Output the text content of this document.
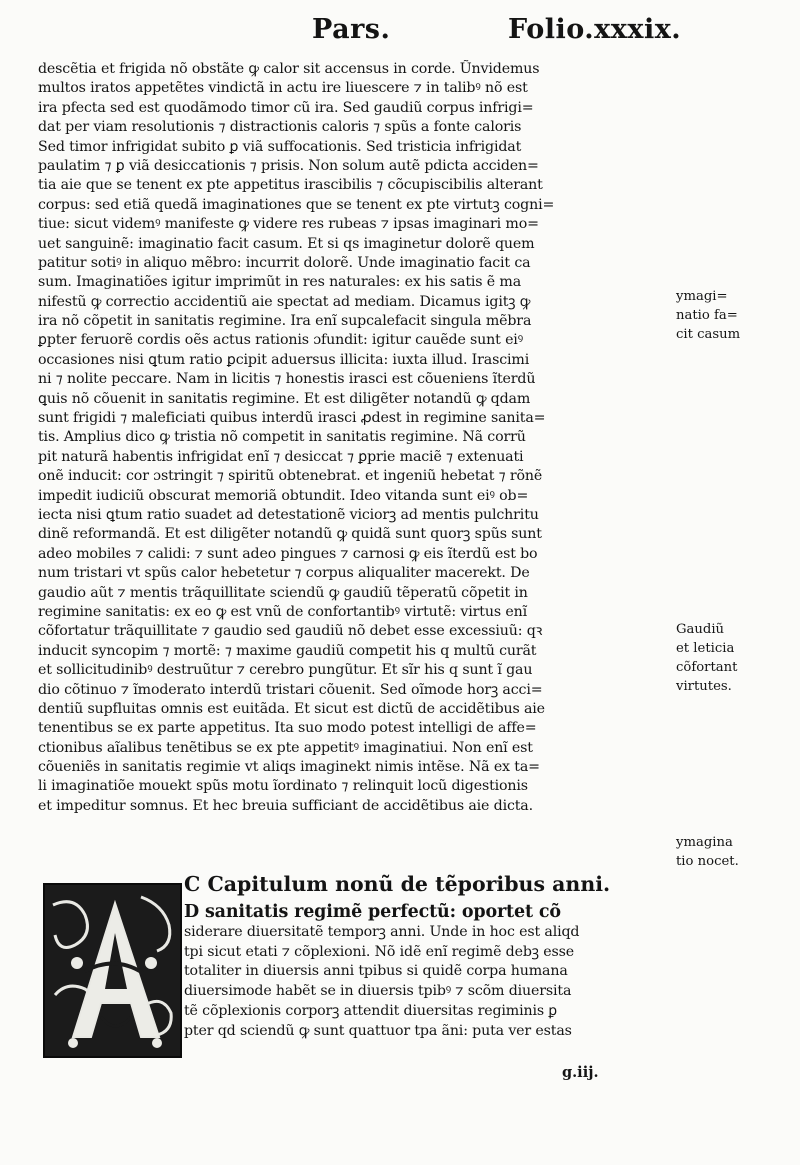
Pars.	Folio.xxxix.
descẽtia et frigida nõ obstãte ꝙ calor sit accensus in corde. Ũnvidemus
multos iratos appetẽtes vindictã in actu ire liuescere ⁊ in talibꝰ nõ est
ira pfecta sed est quodãmodo timor cũ ira. Sed gaudiũ corpus infrigi=
dat per viam resolutionis ⁊ distractionis caloris ⁊ spũs a fonte caloris
Sed timor infrigidat subito ꝑ viã suffocationis. Sed tristicia infrigidat
paulatim ⁊ ꝑ viã desiccationis ⁊ prisis. Non solum autẽ pdicta acciden=
tia aie que se tenent ex pte appetitus irascibilis ⁊ cõcupiscibilis alterant
corpus: sed etiã quedã imaginationes que se tenent ex pte virtutꝫ cogni=
tiue: sicut videmꝰ manifeste ꝙ videre res rubeas ⁊ ipsas imaginari mo=
uet sanguinẽ: imaginatio facit casum. Et si qs imaginetur dolorẽ quem
patitur sotiꝰ in aliquo mẽbro: incurrit dolorẽ. Unde imaginatio facit ca
sum. Imaginatiões igitur imprimũt in res naturales: ex his satis ẽ ma
nifestũ ꝙ correctio accidentiũ aie spectat ad mediam. Dicamus igitꝫ ꝙ
ira nõ cõpetit in sanitatis regimine. Ira enĩ supcalefacit singula mẽbra
ꝑpter feruorẽ cordis oẽs actus rationis ɔfundit: igitur cauẽde sunt eiꝰ
occasiones nisi ꝗtum ratio ꝑcipit aduersus illicita: iuxta illud. Irascimi
ni ⁊ nolite peccare. Nam in licitis ⁊ honestis irasci est cõueniens ĩterdũ
ꝗuis nõ cõuenit in sanitatis regimine. Et est diligẽter notandũ ꝙ qdam
sunt frigidi ⁊ maleficiati quibus interdũ irasci ꝓdest in regimine sanita=
tis. Amplius dico ꝙ tristia nõ competit in sanitatis regimine. Nã corrũ
pit naturã habentis infrigidat enĩ ⁊ desiccat ⁊ ꝑprie maciẽ ⁊ extenuati
onẽ inducit: cor ɔstringit ⁊ spiritũ obtenebrat. et ingeniũ hebetat ⁊ rõnẽ
impedit iudiciũ obscurat memoriã obtundit. Ideo vitanda sunt eiꝰ ob=
iecta nisi ꝗtum ratio suadet ad detestationẽ viciorꝫ ad mentis pulchritu
dinẽ reformandã. Et est diligẽter notandũ ꝙ quidã sunt quorꝫ spũs sunt
adeo mobiles ⁊ calidi: ⁊ sunt adeo pingues ⁊ carnosi ꝙ eis ĩterdũ est bo
num tristari vt spũs calor hebetetur ⁊ corpus aliqualiter macerekt. De
gaudio aũt ⁊ mentis trãquillitate sciendũ ꝙ gaudiũ tẽperatũ cõpetit in
regimine sanitatis: ex eo ꝙ est vnũ de confortantibꝰ virtutẽ: virtus enĩ
cõfortatur trãquillitate ⁊ gaudio sed gaudiũ nõ debet esse excessiuũ: qꝛ
inducit syncopim ⁊ mortẽ: ⁊ maxime gaudiũ competit his q multũ curãt
et sollicitudinibꝰ destruũtur ⁊ cerebro pungũtur. Et sĩr his q sunt ĩ gau
dio cõtinuo ⁊ ĩmoderato interdũ tristari cõuenit. Sed oĩmode horꝫ acci=
dentiũ supfluitas omnis est euitãda. Et sicut est dictũ de accidẽtibus aie
tenentibus se ex parte appetitus. Ita suo modo potest intelligi de affe=
ctionibus aĩalibus tenẽtibus se ex pte appetitꝰ imaginatiui. Non enĩ est
cõueniẽs in sanitatis regimie vt aliqs imaginekt nimis intẽse. Nã ex ta=
li imaginatiõe mouekt spũs motu ĩordinato ⁊ relinquit locũ digestionis
et impeditur somnus. Et hec breuia sufficiant de accidẽtibus aie dicta.
ymagi=
natio fa=
cit casum
Gaudiũ
et leticia
cõfortant
virtutes.
ymagina
tio nocet.
C Capitulum nonũ de tẽporibus anni.
D sanitatis regimẽ perfectũ: oportet cõ
siderare diuersitatẽ temporꝫ anni. Unde in hoc est aliqd
tpi sicut etati ⁊ cõplexioni. Nõ idẽ enĩ regimẽ debꝫ esse
totaliter in diuersis anni tpibus si quidẽ corpa humana
diuersimode habẽt se in diuersis tpibꝰ ⁊ scõm diuersita
tẽ cõplexionis corporꝫ attendit diuersitas regiminis ꝑ
pter qd sciendũ ꝙ sunt quattuor tpa ãni: puta ver estas
g.iij.
